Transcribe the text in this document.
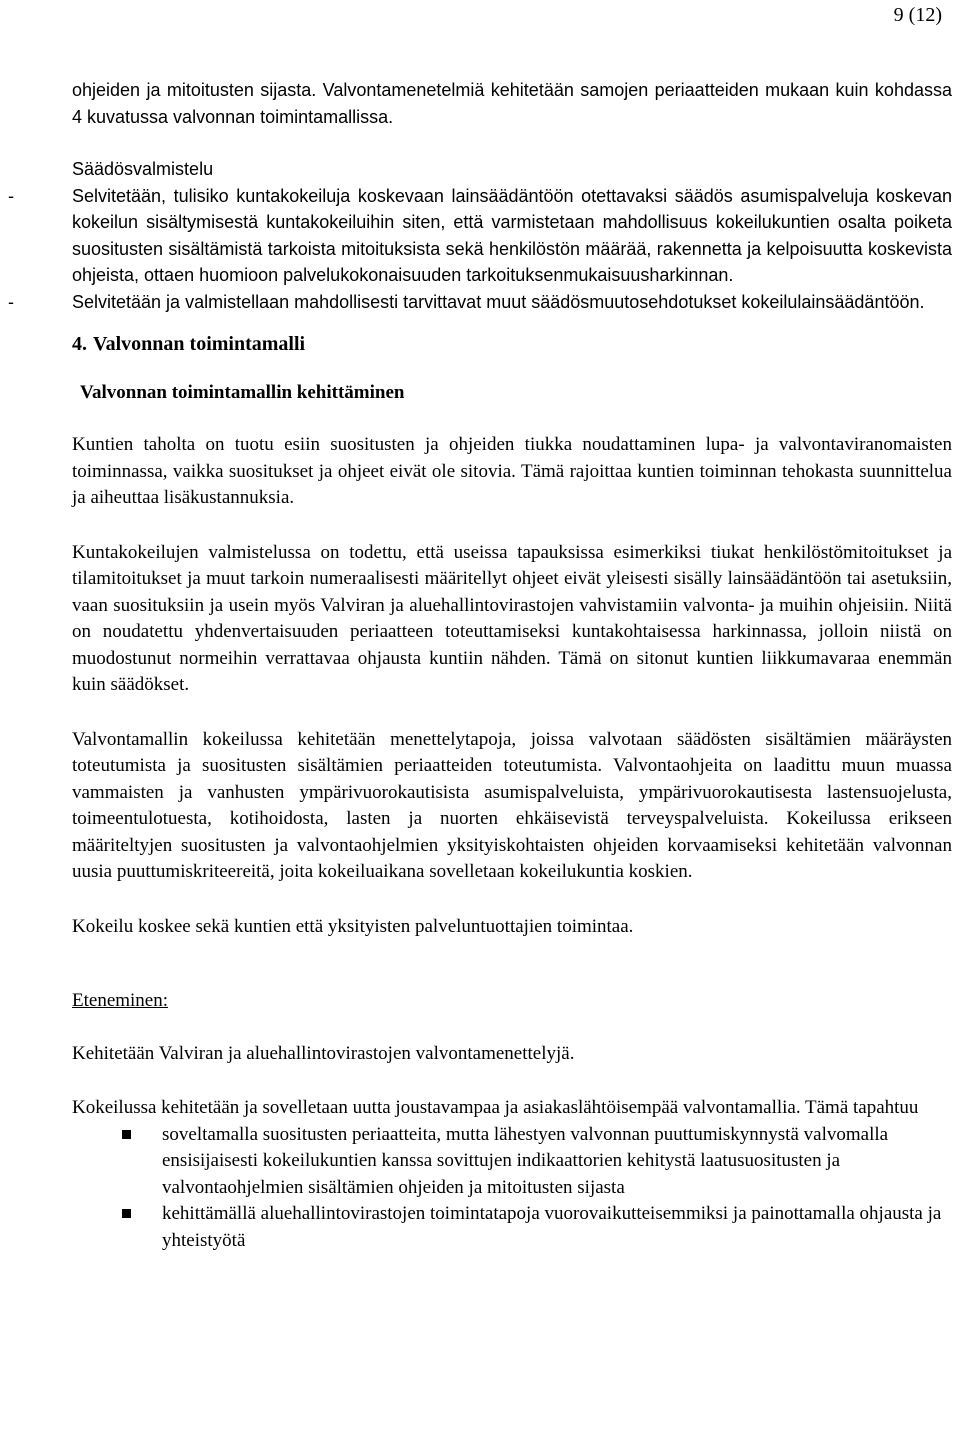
9 (12)

ohjeiden ja mitoitusten sijasta. Valvontamenetelmiä kehitetään samojen periaatteiden mukaan kuin kohdassa 4 kuvatussa valvonnan toimintamallissa.

Säädösvalmistelu

- Selvitetään, tulisiko kuntakokeiluja koskevaan lainsäädäntöön otettavaksi säädös asumispalveluja koskevan kokeilun sisältymisestä kuntakokeiluihin siten, että varmistetaan mahdollisuus kokeilukuntien osalta poiketa suositusten sisältämistä tarkoista mitoituksista sekä henkilöstön määrää, rakennetta ja kelpoisuutta koskevista ohjeista, ottaen huomioon palvelukokonaisuuden tarkoituksenmukaisuusharkinnan.
- Selvitetään ja valmistellaan mahdollisesti tarvittavat muut säädösmuutosehdotukset kokeilulainsäädäntöön.
4. Valvonnan toimintamalli
Valvonnan toimintamallin kehittäminen

Kuntien taholta on tuotu esiin suositusten ja ohjeiden tiukka noudattaminen lupa- ja valvontaviranomaisten toiminnassa, vaikka suositukset ja ohjeet eivät ole sitovia. Tämä rajoittaa kuntien toiminnan tehokasta suunnittelua ja aiheuttaa lisäkustannuksia.

Kuntakokeilujen valmistelussa on todettu, että useissa tapauksissa esimerkiksi tiukat henkilöstömitoitukset ja tilamitoitukset ja muut tarkoin numeraalisesti määritellyt ohjeet eivät yleisesti sisälly lainsäädäntöön tai asetuksiin, vaan suosituksiin ja usein myös Valviran ja aluehallintovirastojen vahvistamiin valvonta- ja muihin ohjeisiin. Niitä on noudatettu yhdenvertaisuuden periaatteen toteuttamiseksi kuntakohtaisessa harkinnassa, jolloin niistä on muodostunut normeihin verrattavaa ohjausta kuntiin nähden. Tämä on sitonut kuntien liikkumavaraa enemmän kuin säädökset.

Valvontamallin kokeilussa kehitetään menettelytapoja, joissa valvotaan säädösten sisältämien määräysten toteutumista ja suositusten sisältämien periaatteiden toteutumista. Valvontaohjeita on laadittu muun muassa vammaisten ja vanhusten ympärivuorokautisista asumispalveluista, ympärivuorokautisesta lastensuojelusta, toimeentulotuesta, kotihoidosta, lasten ja nuorten ehkäisevistä terveyspalveluista. Kokeilussa erikseen määriteltyjen suositusten ja valvontaohjelmien yksityiskohtaisten ohjeiden korvaamiseksi kehitetään valvonnan uusia puuttumiskriteereitä, joita kokeiluaikana sovelletaan kokeilukuntia koskien.

Kokeilu koskee sekä kuntien että yksityisten palveluntuottajien toimintaa.

Eteneminen:

Kehitetään Valviran ja aluehallintovirastojen valvontamenettelyjä.

Kokeilussa kehitetään ja sovelletaan uutta joustavampaa ja asiakaslähtöisempää valvontamallia. Tämä tapahtuu

soveltamalla suositusten periaatteita, mutta lähestyen valvonnan puuttumiskynnystä valvomalla ensisijaisesti kokeilukuntien kanssa sovittujen indikaattorien kehitystä laatusuositusten ja valvontaohjelmien sisältämien ohjeiden ja mitoitusten sijasta
kehittämällä aluehallintovirastojen toimintatapoja vuorovaikutteisemmiksi ja painottamalla ohjausta ja yhteistyötä
